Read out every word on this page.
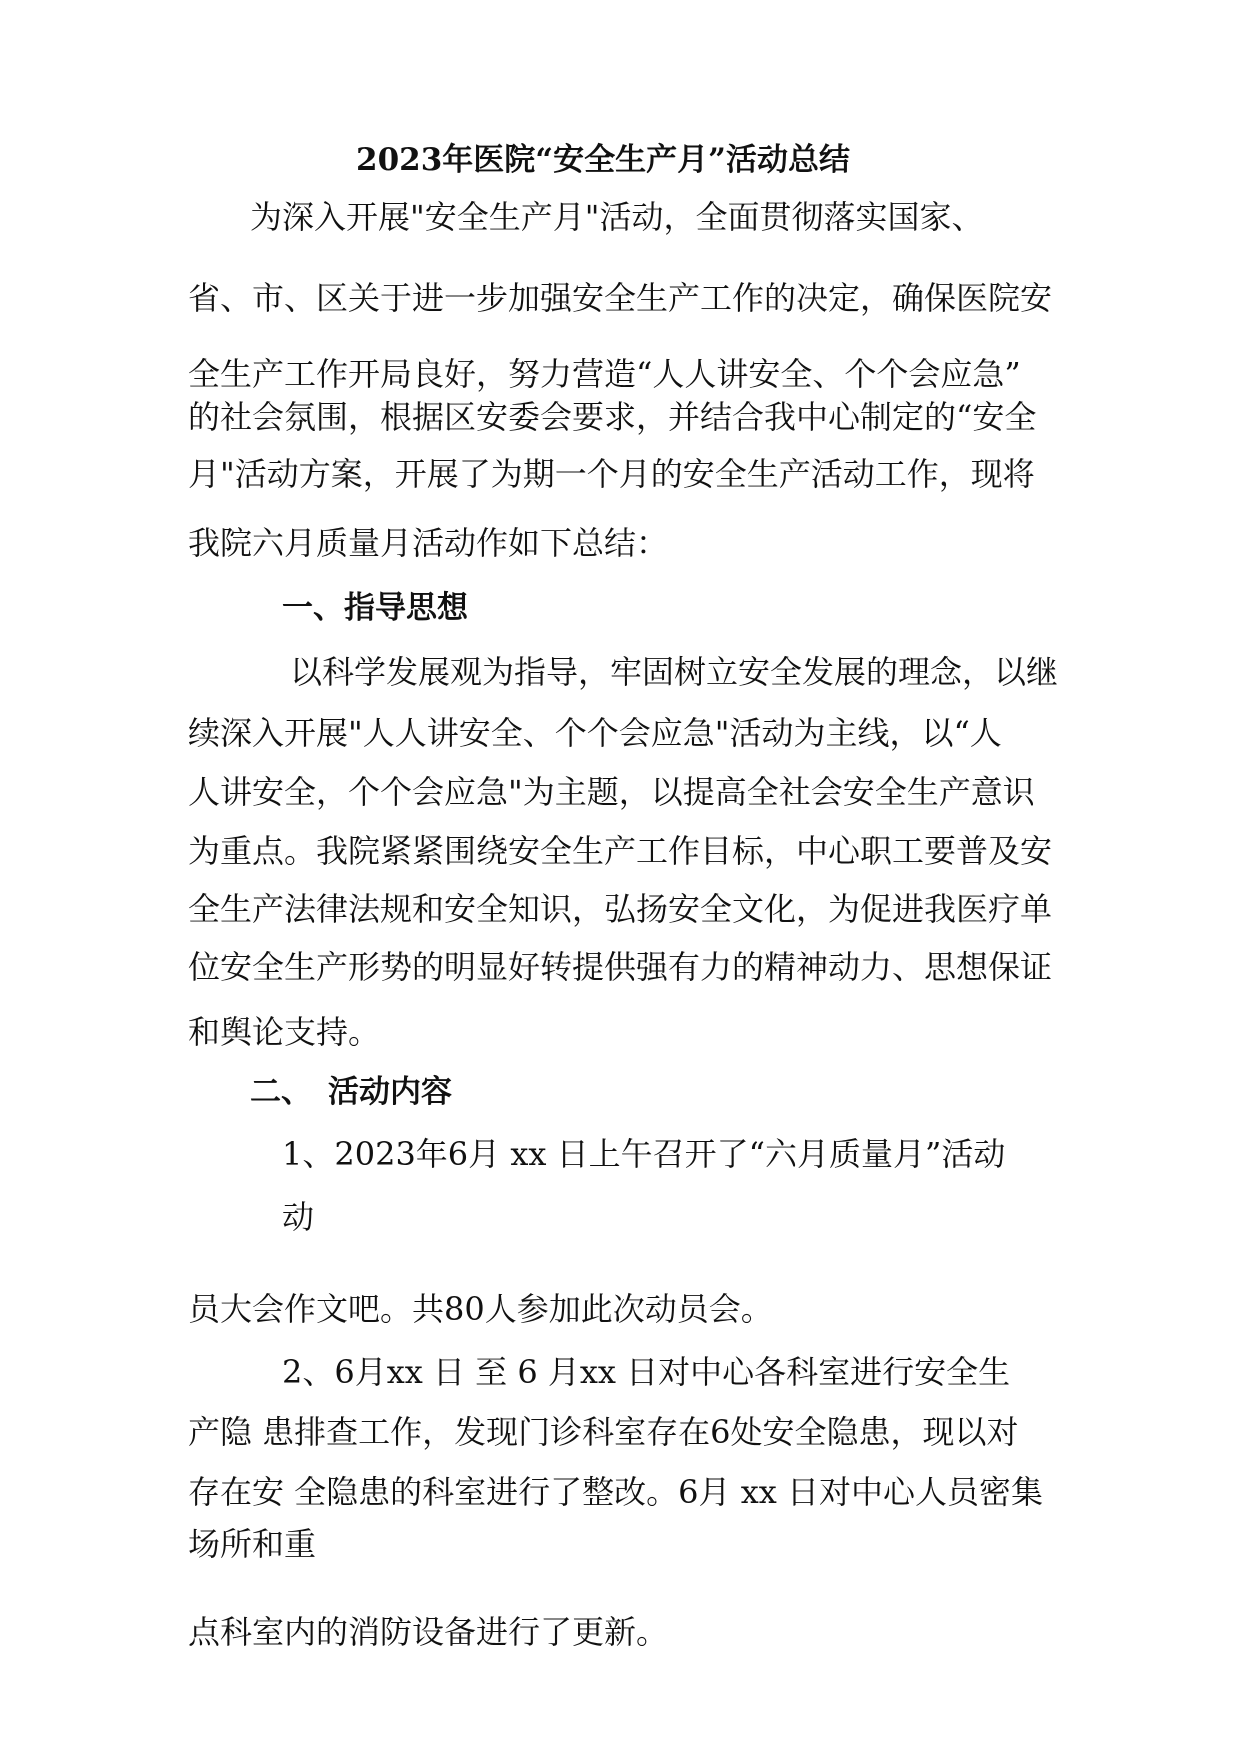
2023年医院“安全生产月”活动总结

为深入开展"安全生产月"活动，全面贯彻落实国家、

省、市、区关于进一步加强安全生产工作的决定，确保医院安

全生产工作开局良好，努力营造“人人讲安全、个个会应急”

的社会氛围，根据区安委会要求，并结合我中心制定的“安全

月"活动方案，开展了为期一个月的安全生产活动工作，现将

我院六月质量月活动作如下总结：

一、指导思想

以科学发展观为指导，牢固树立安全发展的理念，以继

续深入开展"人人讲安全、个个会应急"活动为主线，以“人

人讲安全，个个会应急"为主题，以提高全社会安全生产意识

为重点。我院紧紧围绕安全生产工作目标，中心职工要普及安

全生产法律法规和安全知识，弘扬安全文化，为促进我医疗单

位安全生产形势的明显好转提供强有力的精神动力、思想保证

和舆论支持。

二、 活动内容

1、2023年6月 xx 日上午召开了“六月质量月”活动

动

员大会作文吧。共80人参加此次动员会。

2、6月xx 日 至 6 月xx 日对中心各科室进行安全生

产隐 患排查工作，发现门诊科室存在6处安全隐患，现以对

存在安 全隐患的科室进行了整改。6月 xx 日对中心人员密集

场所和重

点科室内的消防设备进行了更新。
